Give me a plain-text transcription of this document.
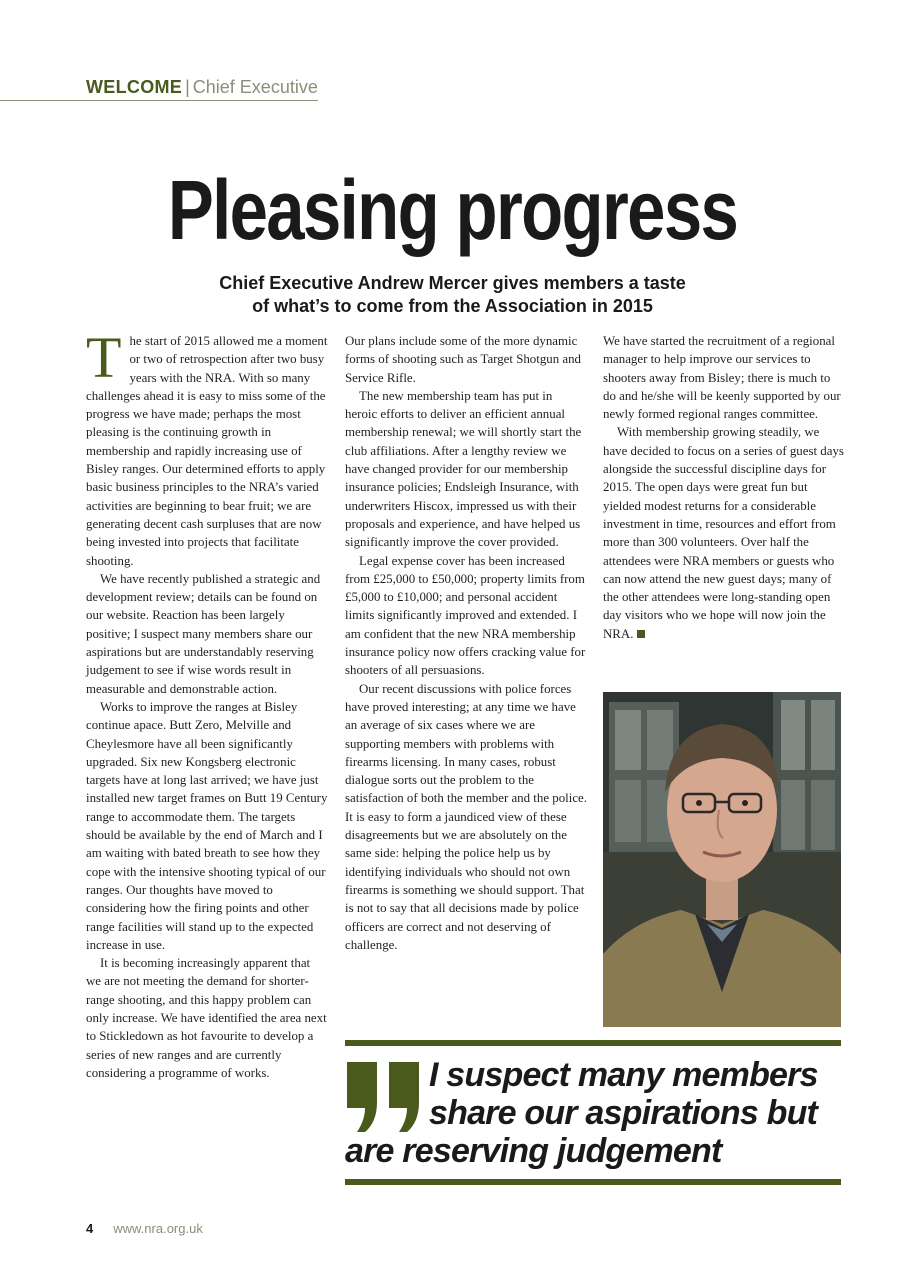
WELCOME | Chief Executive
Pleasing progress
Chief Executive Andrew Mercer gives members a taste
of what’s to come from the Association in 2015

The start of 2015 allowed me a moment or two of retrospection after two busy years with the NRA. With so many challenges ahead it is easy to miss some of the progress we have made; perhaps the most pleasing is the continuing growth in membership and rapidly increasing use of Bisley ranges. Our determined efforts to apply basic business principles to the NRA’s varied activities are beginning to bear fruit; we are generating decent cash surpluses that are now being invested into projects that facilitate shooting.

We have recently published a strategic and development review; details can be found on our website. Reaction has been largely positive; I suspect many members share our aspirations but are understandably reserving judgement to see if wise words result in measurable and demonstrable action.

Works to improve the ranges at Bisley continue apace. Butt Zero, Melville and Cheylesmore have all been significantly upgraded. Six new Kongsberg electronic targets have at long last arrived; we have just installed new target frames on Butt 19 Century range to accommodate them. The targets should be available by the end of March and I am waiting with bated breath to see how they cope with the intensive shooting typical of our ranges. Our thoughts have moved to considering how the firing points and other range facilities will stand up to the expected increase in use.

It is becoming increasingly apparent that we are not meeting the demand for shorter-range shooting, and this happy problem can only increase. We have identified the area next to Stickledown as hot favourite to develop a series of new ranges and are currently considering a programme of works.

Our plans include some of the more dynamic forms of shooting such as Target Shotgun and Service Rifle.

The new membership team has put in heroic efforts to deliver an efficient annual membership renewal; we will shortly start the club affiliations. After a lengthy review we have changed provider for our membership insurance policies; Endsleigh Insurance, with underwriters Hiscox, impressed us with their proposals and experience, and have helped us significantly improve the cover provided.

Legal expense cover has been increased from £25,000 to £50,000; property limits from £5,000 to £10,000; and personal accident limits significantly improved and extended. I am confident that the new NRA membership insurance policy now offers cracking value for shooters of all persuasions.

Our recent discussions with police forces have proved interesting; at any time we have an average of six cases where we are supporting members with problems with firearms licensing. In many cases, robust dialogue sorts out the problem to the satisfaction of both the member and the police. It is easy to form a jaundiced view of these disagreements but we are absolutely on the same side: helping the police help us by identifying individuals who should not own firearms is something we should support. That is not to say that all decisions made by police officers are correct and not deserving of challenge.

We have started the recruitment of a regional manager to help improve our services to shooters away from Bisley; there is much to do and he/she will be keenly supported by our newly formed regional ranges committee.

With membership growing steadily, we have decided to focus on a series of guest days alongside the successful discipline days for 2015. The open days were great fun but yielded modest returns for a considerable investment in time, resources and effort from more than 300 volunteers. Over half the attendees were NRA members or guests who can now attend the new guest days; many of the other attendees were long-standing open day visitors who we hope will now join the NRA.

I suspect many members
share our aspirations but
are reserving judgement
4 www.nra.org.uk
